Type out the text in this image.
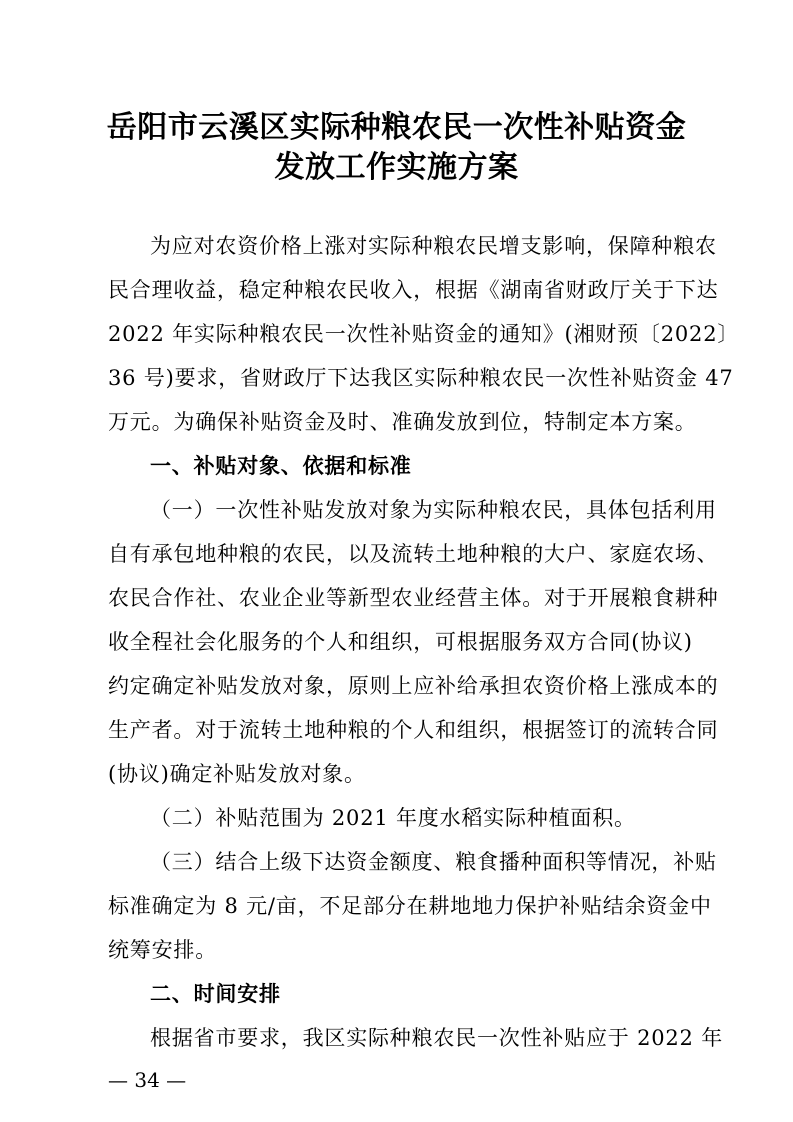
岳阳市云溪区实际种粮农民一次性补贴资金
发放工作实施方案
为应对农资价格上涨对实际种粮农民增支影响，保障种粮农
民合理收益，稳定种粮农民收入，根据《湖南省财政厅关于下达
2022 年实际种粮农民一次性补贴资金的通知》(湘财预〔2022〕
36 号)要求，省财政厅下达我区实际种粮农民一次性补贴资金 47
万元。为确保补贴资金及时、准确发放到位，特制定本方案。
一、补贴对象、依据和标准
（一）一次性补贴发放对象为实际种粮农民，具体包括利用
自有承包地种粮的农民，以及流转土地种粮的大户、家庭农场、
农民合作社、农业企业等新型农业经营主体。对于开展粮食耕种
收全程社会化服务的个人和组织，可根据服务双方合同(协议)
约定确定补贴发放对象，原则上应补给承担农资价格上涨成本的
生产者。对于流转土地种粮的个人和组织，根据签订的流转合同
(协议)确定补贴发放对象。
（二）补贴范围为 2021 年度水稻实际种植面积。
（三）结合上级下达资金额度、粮食播种面积等情况，补贴
标准确定为 8 元/亩，不足部分在耕地地力保护补贴结余资金中
统筹安排。
二、时间安排
根据省市要求，我区实际种粮农民一次性补贴应于 2022 年
— 34 —
